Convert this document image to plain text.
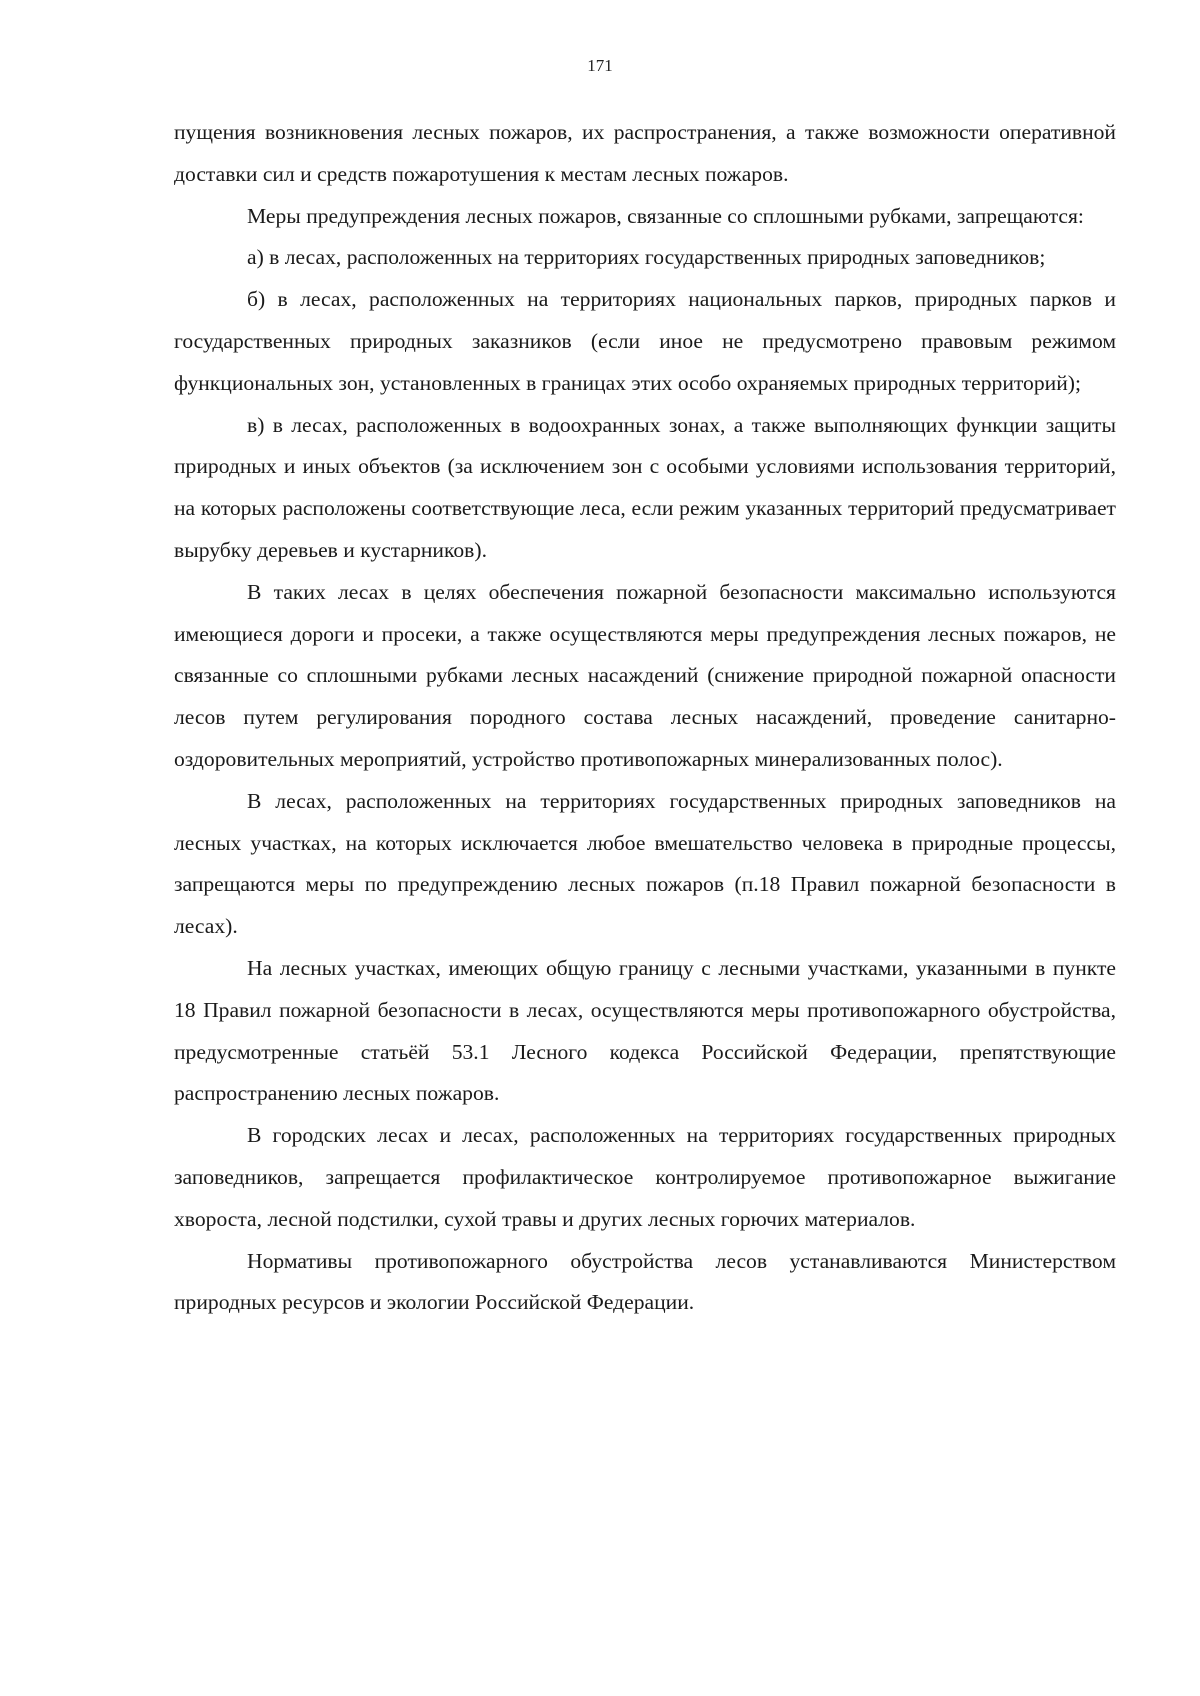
171

пущения возникновения лесных пожаров, их распространения, а также возможности оперативной доставки сил и средств пожаротушения к местам лесных пожаров.

Меры предупреждения лесных пожаров, связанные со сплошными рубками, запрещаются:

а) в лесах, расположенных на территориях государственных природных заповедников;

б) в лесах, расположенных на территориях национальных парков, природных парков и государственных природных заказников (если иное не предусмотрено правовым режимом функциональных зон, установленных в границах этих особо охраняемых природных территорий);

в) в лесах, расположенных в водоохранных зонах, а также выполняющих функции защиты природных и иных объектов (за исключением зон с особыми условиями использования территорий, на которых расположены соответствующие леса, если режим указанных территорий предусматривает вырубку деревьев и кустарников).

В таких лесах в целях обеспечения пожарной безопасности максимально используются имеющиеся дороги и просеки, а также осуществляются меры предупреждения лесных пожаров, не связанные со сплошными рубками лесных насаждений (снижение природной пожарной опасности лесов путем регулирования породного состава лесных насаждений, проведение санитарно-оздоровительных мероприятий, устройство противопожарных минерализованных полос).

В лесах, расположенных на территориях государственных природных заповедников на лесных участках, на которых исключается любое вмешательство человека в природные процессы, запрещаются меры по предупреждению лесных пожаров (п.18 Правил пожарной безопасности в лесах).

На лесных участках, имеющих общую границу с лесными участками, указанными в пункте 18 Правил пожарной безопасности в лесах, осуществляются меры противопожарного обустройства, предусмотренные статьёй 53.1 Лесного кодекса Российской Федерации, препятствующие распространению лесных пожаров.

В городских лесах и лесах, расположенных на территориях государственных природных заповедников, запрещается профилактическое контролируемое противопожарное выжигание хвороста, лесной подстилки, сухой травы и других лесных горючих материалов.

Нормативы противопожарного обустройства лесов устанавливаются Министерством природных ресурсов и экологии Российской Федерации.
